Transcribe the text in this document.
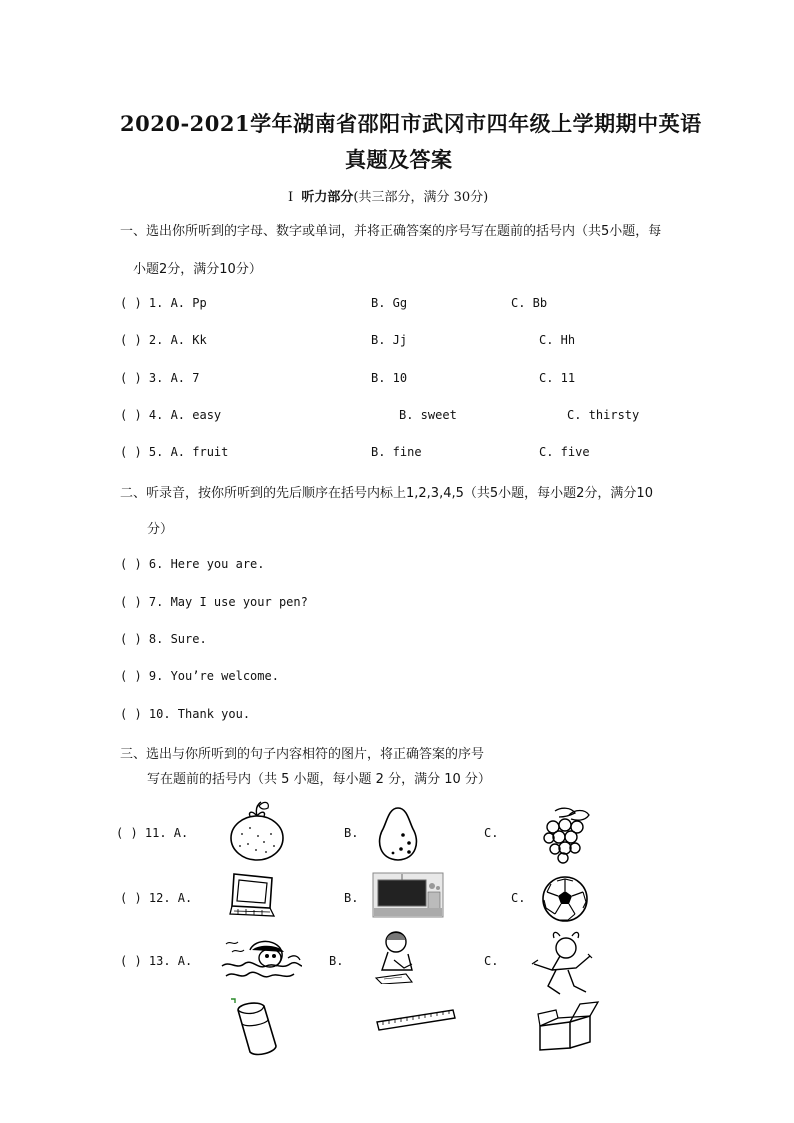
2020-2021学年湖南省邵阳市武冈市四年级上学期期中英语
真题及答案
I 听力部分(共三部分，满分 30分)
一、选出你所听到的字母、数字或单词，并将正确答案的序号写在题前的括号内（共5小题，每
小题2分，满分10分）
( ) 1. A. Pp	B. Gg	C. Bb
( ) 2. A. Kk	B. Jj	C. Hh
( ) 3. A. 7	B. 10	C. 11
( ) 4. A. easy	B. sweet	C. thirsty
( ) 5. A. fruit	B. fine	C. five
二、听录音，按你所听到的先后顺序在括号内标上1,2,3,4,5（共5小题，每小题2分，满分10
分）
( ) 6. Here you are.
( ) 7. May I use your pen?
( ) 8. Sure.
( ) 9. You’re welcome.
( ) 10. Thank you.
三、选出与你所听到的句子内容相符的图片，将正确答案的序号
写在题前的括号内（共 5 小题，每小题 2 分，满分 10 分）
( ) 11. A.	B.	C.
( ) 12. A.	B.	C.
( ) 13. A.	B.	C.
